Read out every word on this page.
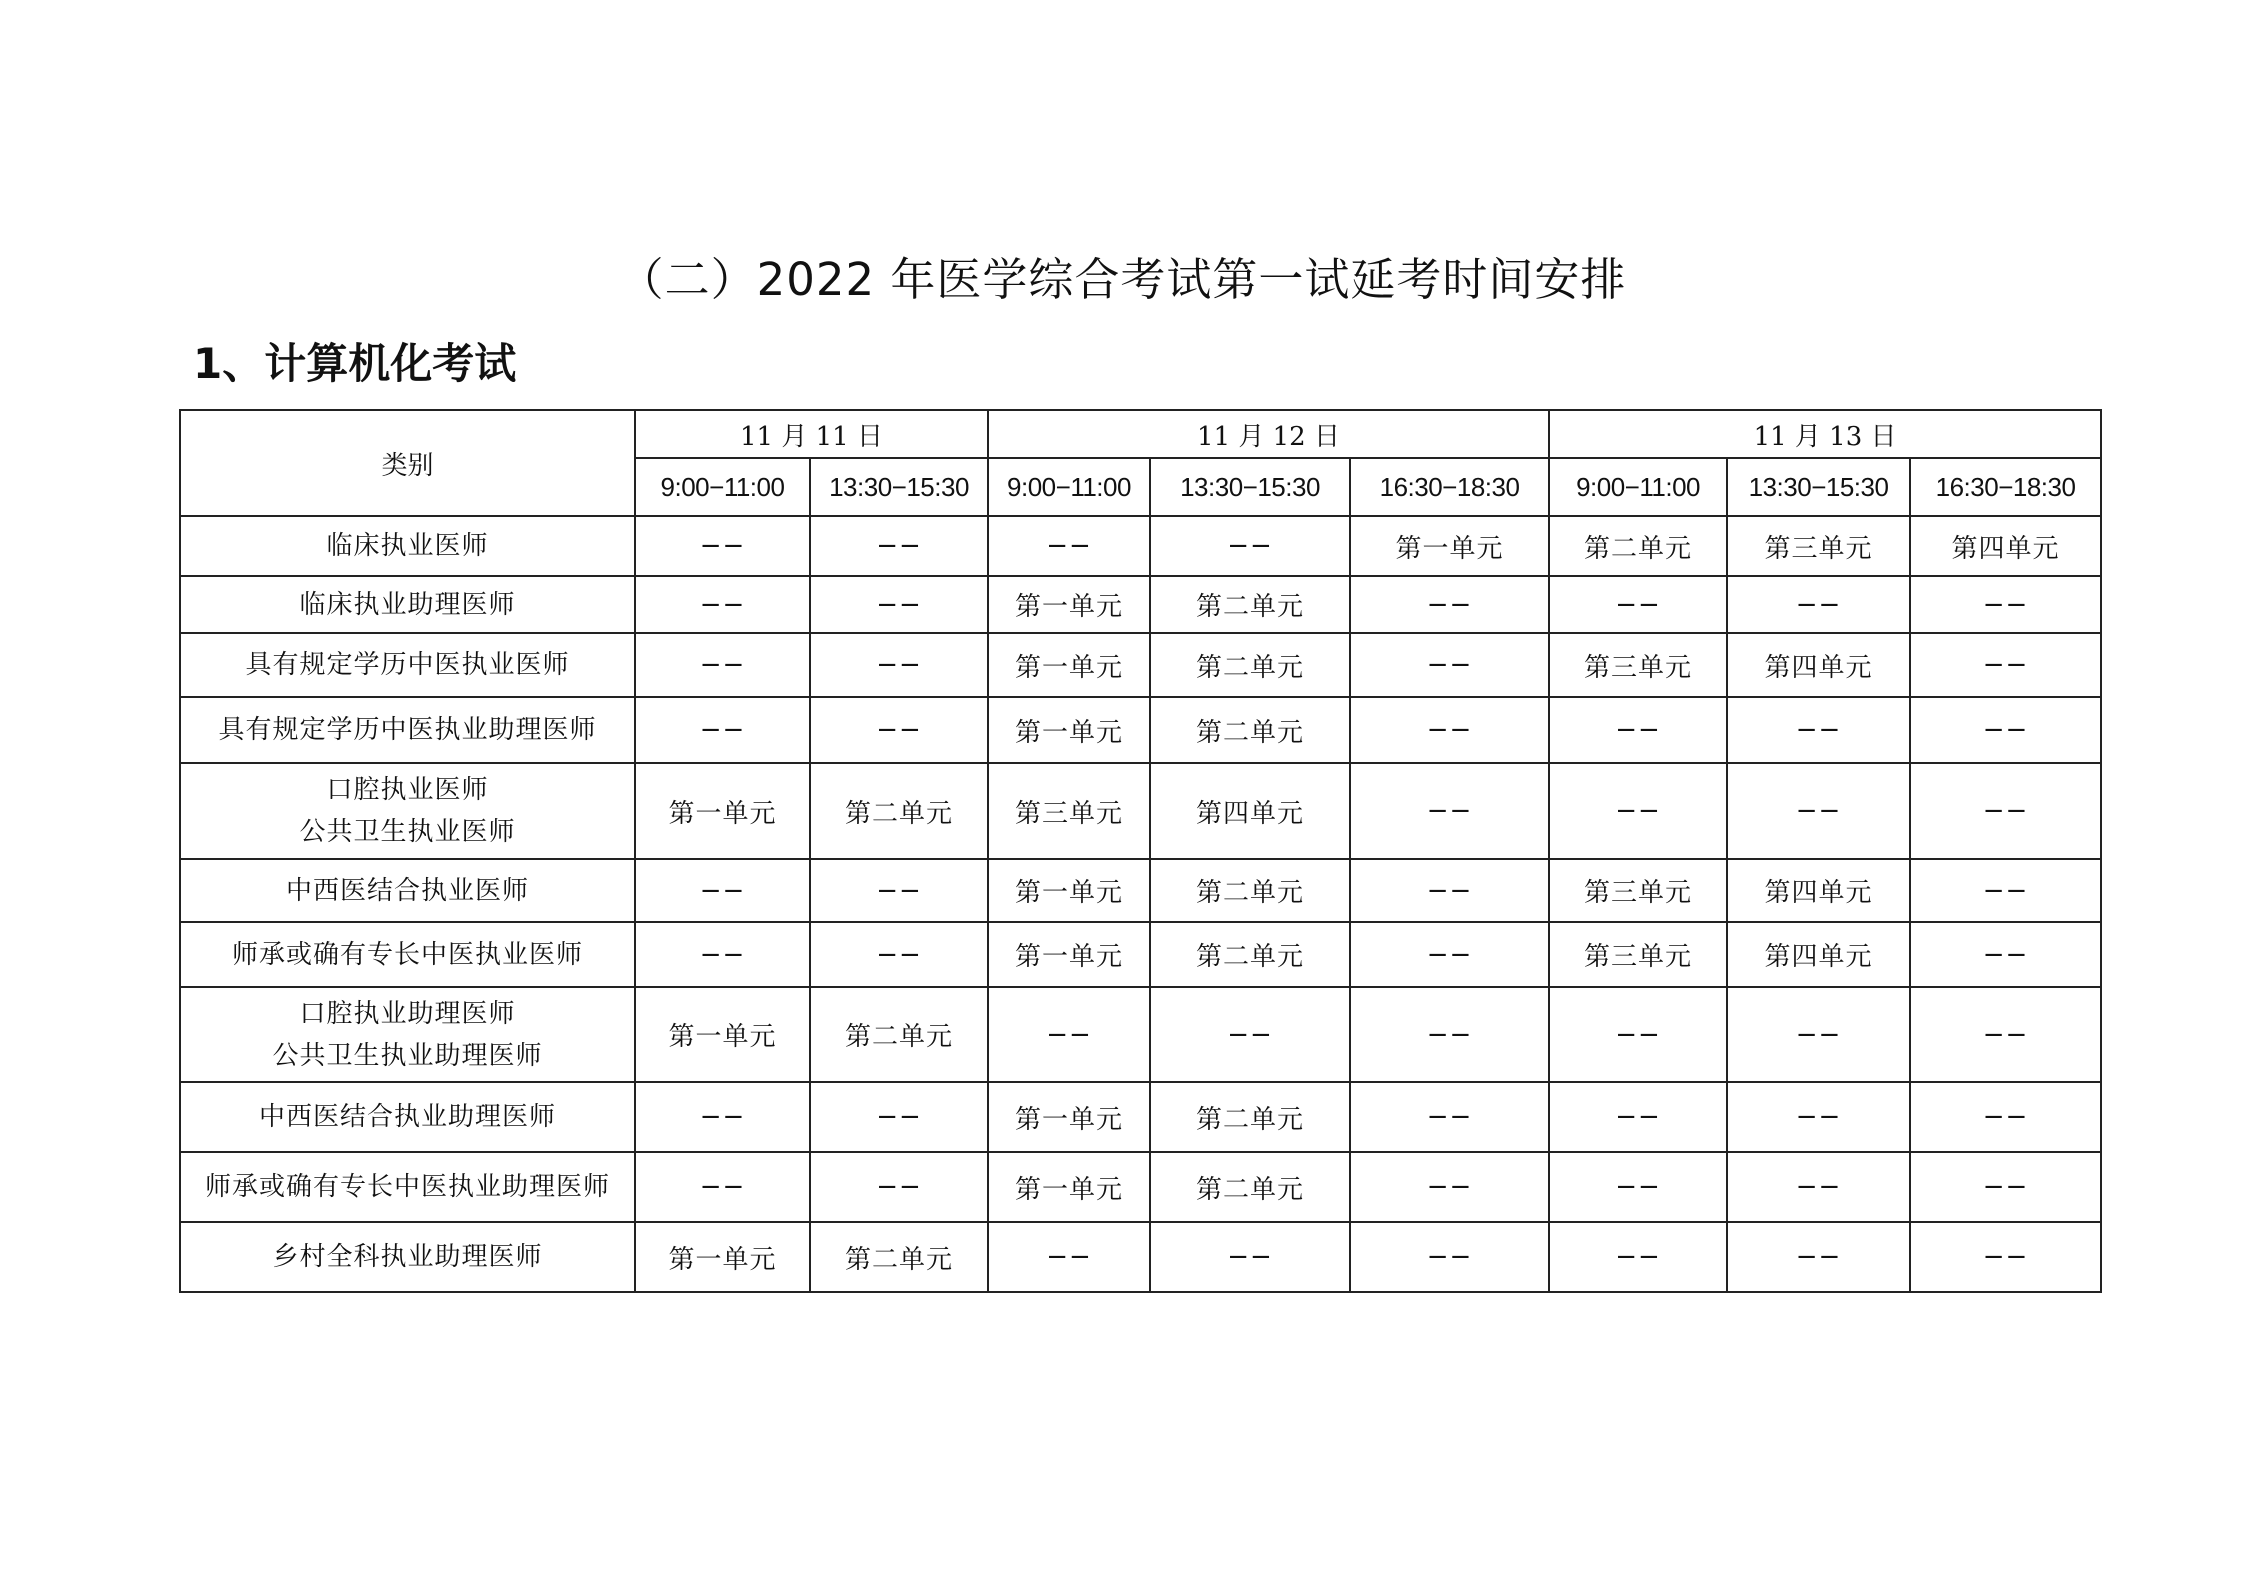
（二）2022 年医学综合考试第一试延考时间安排
1、计算机化考试
类别	11 月 11 日		11 月 12 日			11 月 13 日		
	9:00−11:00	13:30−15:30	9:00−11:00	13:30−15:30	16:30−18:30	9:00−11:00	13:30−15:30	16:30−18:30

临床执业医师	−−	−−	−−	−−	第一单元	第二单元	第三单元	第四单元

临床执业助理医师	−−	−−	第一单元	第二单元	−−	−−	−−	−−

具有规定学历中医执业医师	−−	−−	第一单元	第二单元	−−	第三单元	第四单元	−−

具有规定学历中医执业助理医师	−−	−−	第一单元	第二单元	−−	−−	−−	−−

口腔执业医师
公共卫生执业医师	第一单元	第二单元	第三单元	第四单元	−−	−−	−−	−−

中西医结合执业医师	−−	−−	第一单元	第二单元	−−	第三单元	第四单元	−−

师承或确有专长中医执业医师	−−	−−	第一单元	第二单元	−−	第三单元	第四单元	−−

口腔执业助理医师
公共卫生执业助理医师	第一单元	第二单元	−−	−−	−−	−−	−−	−−

中西医结合执业助理医师	−−	−−	第一单元	第二单元	−−	−−	−−	−−

师承或确有专长中医执业助理医师	−−	−−	第一单元	第二单元	−−	−−	−−	−−

乡村全科执业助理医师	第一单元	第二单元	−−	−−	−−	−−	−−	−−
